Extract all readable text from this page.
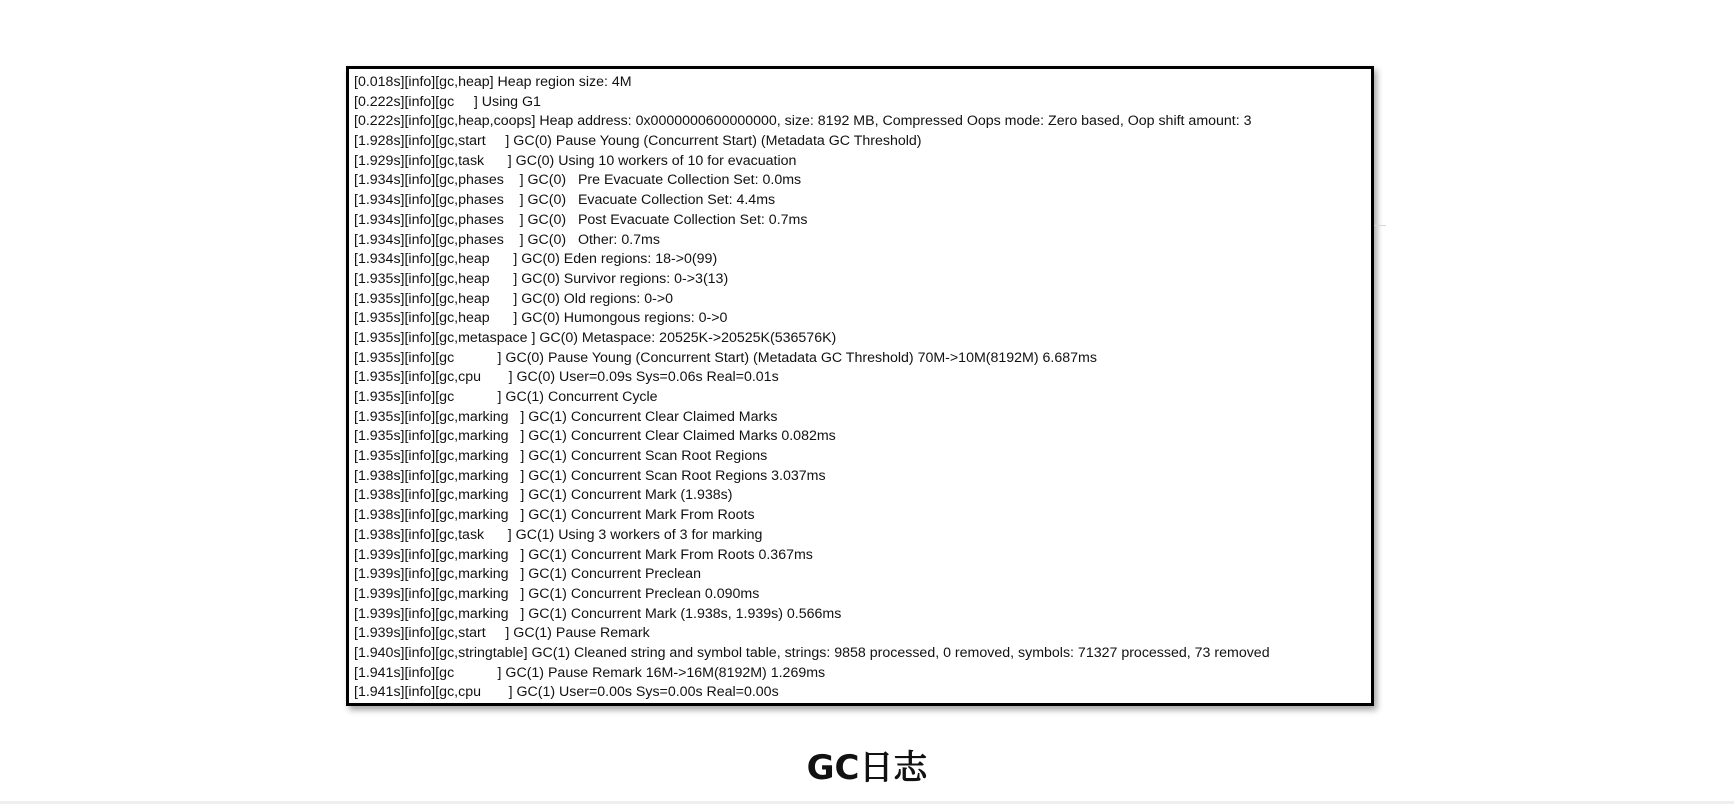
[0.018s][info][gc,heap] Heap region size: 4M
[0.222s][info][gc     ] Using G1
[0.222s][info][gc,heap,coops] Heap address: 0x0000000600000000, size: 8192 MB, Compressed Oops mode: Zero based, Oop shift amount: 3
[1.928s][info][gc,start     ] GC(0) Pause Young (Concurrent Start) (Metadata GC Threshold)
[1.929s][info][gc,task      ] GC(0) Using 10 workers of 10 for evacuation
[1.934s][info][gc,phases    ] GC(0)   Pre Evacuate Collection Set: 0.0ms
[1.934s][info][gc,phases    ] GC(0)   Evacuate Collection Set: 4.4ms
[1.934s][info][gc,phases    ] GC(0)   Post Evacuate Collection Set: 0.7ms
[1.934s][info][gc,phases    ] GC(0)   Other: 0.7ms
[1.934s][info][gc,heap      ] GC(0) Eden regions: 18->0(99)
[1.935s][info][gc,heap      ] GC(0) Survivor regions: 0->3(13)
[1.935s][info][gc,heap      ] GC(0) Old regions: 0->0
[1.935s][info][gc,heap      ] GC(0) Humongous regions: 0->0
[1.935s][info][gc,metaspace ] GC(0) Metaspace: 20525K->20525K(536576K)
[1.935s][info][gc           ] GC(0) Pause Young (Concurrent Start) (Metadata GC Threshold) 70M->10M(8192M) 6.687ms
[1.935s][info][gc,cpu       ] GC(0) User=0.09s Sys=0.06s Real=0.01s
[1.935s][info][gc           ] GC(1) Concurrent Cycle
[1.935s][info][gc,marking   ] GC(1) Concurrent Clear Claimed Marks
[1.935s][info][gc,marking   ] GC(1) Concurrent Clear Claimed Marks 0.082ms
[1.935s][info][gc,marking   ] GC(1) Concurrent Scan Root Regions
[1.938s][info][gc,marking   ] GC(1) Concurrent Scan Root Regions 3.037ms
[1.938s][info][gc,marking   ] GC(1) Concurrent Mark (1.938s)
[1.938s][info][gc,marking   ] GC(1) Concurrent Mark From Roots
[1.938s][info][gc,task      ] GC(1) Using 3 workers of 3 for marking
[1.939s][info][gc,marking   ] GC(1) Concurrent Mark From Roots 0.367ms
[1.939s][info][gc,marking   ] GC(1) Concurrent Preclean
[1.939s][info][gc,marking   ] GC(1) Concurrent Preclean 0.090ms
[1.939s][info][gc,marking   ] GC(1) Concurrent Mark (1.938s, 1.939s) 0.566ms
[1.939s][info][gc,start     ] GC(1) Pause Remark
[1.940s][info][gc,stringtable] GC(1) Cleaned string and symbol table, strings: 9858 processed, 0 removed, symbols: 71327 processed, 73 removed
[1.941s][info][gc           ] GC(1) Pause Remark 16M->16M(8192M) 1.269ms
[1.941s][info][gc,cpu       ] GC(1) User=0.00s Sys=0.00s Real=0.00s
GC日志
